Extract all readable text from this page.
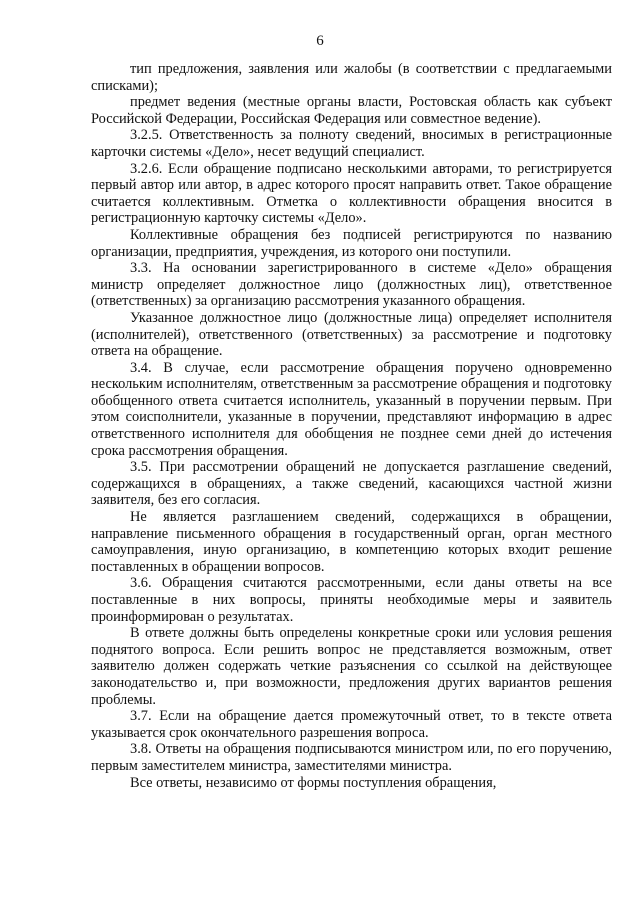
6

тип предложения, заявления или жалобы (в соответствии с предлагаемыми списками);

предмет ведения (местные органы власти, Ростовская область как субъект Российской Федерации, Российская Федерация или совместное ведение).

3.2.5. Ответственность за полноту сведений, вносимых в регистрационные карточки системы «Дело», несет ведущий специалист.

3.2.6. Если обращение подписано несколькими авторами, то регистрируется первый автор или автор, в адрес которого просят направить ответ. Такое обращение считается коллективным. Отметка о коллективности обращения вносится в регистрационную карточку системы «Дело».

Коллективные обращения без подписей регистрируются по названию организации, предприятия, учреждения, из которого они поступили.

3.3. На основании зарегистрированного в системе «Дело» обращения министр определяет должностное лицо (должностных лиц), ответственное (ответственных) за организацию рассмотрения указанного обращения.

Указанное должностное лицо (должностные лица) определяет исполнителя (исполнителей), ответственного (ответственных) за рассмотрение и подготовку ответа на обращение.

3.4. В случае, если рассмотрение обращения поручено одновременно нескольким исполнителям, ответственным за рассмотрение обращения и подготовку обобщенного ответа считается исполнитель, указанный в поручении первым. При этом соисполнители, указанные в поручении, представляют информацию в адрес ответственного исполнителя для обобщения не позднее семи дней до истечения срока рассмотрения обращения.

3.5. При рассмотрении обращений не допускается разглашение сведений, содержащихся в обращениях, а также сведений, касающихся частной жизни заявителя, без его согласия.

Не является разглашением сведений, содержащихся в обращении, направление письменного обращения в государственный орган, орган местного самоуправления, иную организацию, в компетенцию которых входит решение поставленных в обращении вопросов.

3.6. Обращения считаются рассмотренными, если даны ответы на все поставленные в них вопросы, приняты необходимые меры и заявитель проинформирован о результатах.

В ответе должны быть определены конкретные сроки или условия решения поднятого вопроса. Если решить вопрос не представляется возможным, ответ заявителю должен содержать четкие разъяснения со ссылкой на действующее законодательство и, при возможности, предложения других вариантов решения проблемы.

3.7. Если на обращение дается промежуточный ответ, то в тексте ответа указывается срок окончательного разрешения вопроса.

3.8. Ответы на обращения подписываются министром или, по его поручению, первым заместителем министра, заместителями министра.

Все ответы, независимо от формы поступления обращения,
